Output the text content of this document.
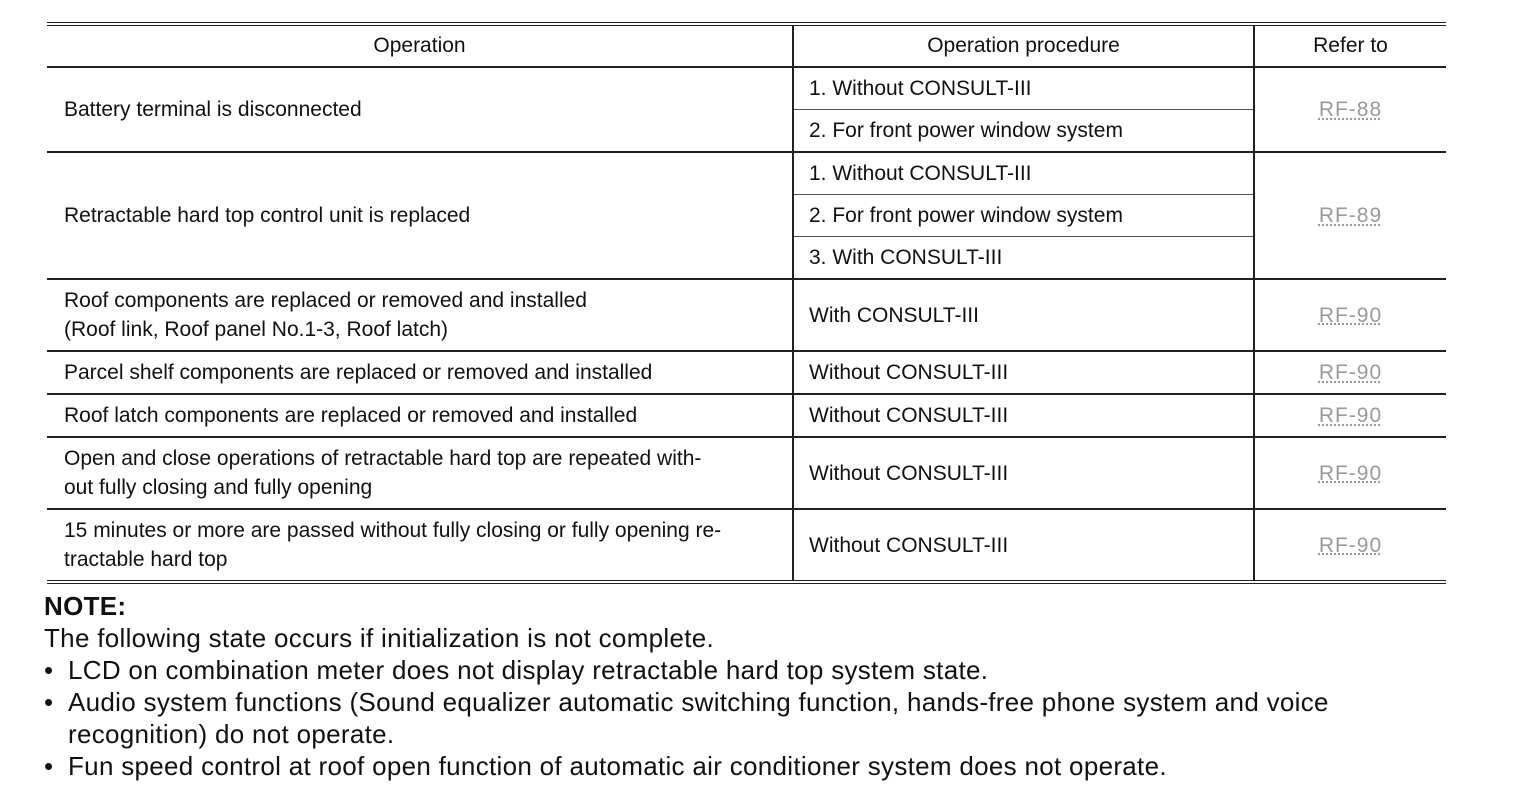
Operation	Operation procedure	Refer to
Battery terminal is disconnected	1. Without CONSULT-III	RF-88
	2. For front power window system	
Retractable hard top control unit is replaced	1. Without CONSULT-III	RF-89
	2. For front power window system	
	3. With CONSULT-III	

Roof components are replaced or removed and installed
(Roof link, Roof panel No.1-3, Roof latch)	With CONSULT-III	RF-90
Parcel shelf components are replaced or removed and installed	Without CONSULT-III	RF-90
Roof latch components are replaced or removed and installed	Without CONSULT-III	RF-90

Open and close operations of retractable hard top are repeated with-
out fully closing and fully opening	Without CONSULT-III	RF-90

15 minutes or more are passed without fully closing or fully opening re-
tractable hard top	Without CONSULT-III	RF-90
NOTE:
The following state occurs if initialization is not complete.
• LCD on combination meter does not display retractable hard top system state.
• Audio system functions (Sound equalizer automatic switching function, hands-free phone system and voice
recognition) do not operate.
• Fun speed control at roof open function of automatic air conditioner system does not operate.
